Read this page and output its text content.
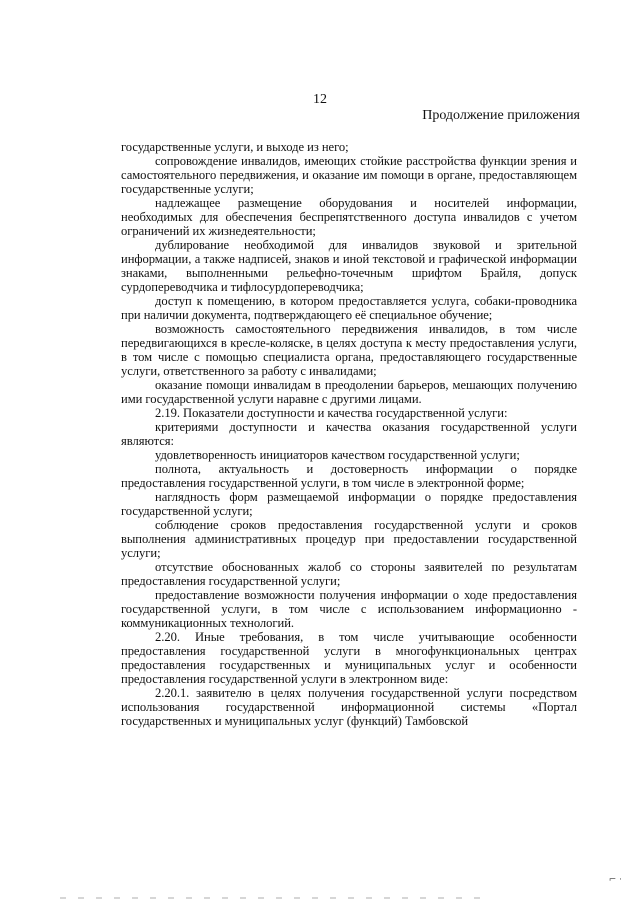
12
Продолжение приложения

государственные услуги, и выходе из него;

сопровождение инвалидов, имеющих стойкие расстройства функции зрения и самостоятельного передвижения, и оказание им помощи в органе, предоставляющем государственные услуги;

надлежащее размещение оборудования и носителей информации, необходимых для обеспечения беспрепятственного доступа инвалидов с учетом ограничений их жизнедеятельности;

дублирование необходимой для инвалидов звуковой и зрительной информации, а также надписей, знаков и иной текстовой и графической информации знаками, выполненными рельефно-точечным шрифтом Брайля, допуск сурдопереводчика и тифлосурдопереводчика;

доступ к помещению, в котором предоставляется услуга, собаки-проводника при наличии документа, подтверждающего её специальное обучение;

возможность самостоятельного передвижения инвалидов, в том числе передвигающихся в кресле-коляске, в целях доступа к месту предоставления услуги, в том числе с помощью специалиста органа, предоставляющего государственные услуги, ответственного за работу с инвалидами;

оказание помощи инвалидам в преодолении барьеров, мешающих получению ими государственной услуги наравне с другими лицами.

2.19. Показатели доступности и качества государственной услуги:

критериями доступности и качества оказания государственной услуги являются:

удовлетворенность инициаторов качеством государственной услуги;

полнота, актуальность и достоверность информации о порядке предоставления государственной услуги, в том числе в электронной форме;

наглядность форм размещаемой информации о порядке предоставления государственной услуги;

соблюдение сроков предоставления государственной услуги и сроков выполнения административных процедур при предоставлении государственной услуги;

отсутствие обоснованных жалоб со стороны заявителей по результатам предоставления государственной услуги;

предоставление возможности получения информации о ходе предоставления государственной услуги, в том числе с использованием информационно - коммуникационных технологий.

2.20. Иные требования, в том числе учитывающие особенности предоставления государственной услуги в многофункциональных центрах предоставления государственных и муниципальных услуг и особенности предоставления государственной услуги в электронном виде:

2.20.1. заявителю в целях получения государственной услуги посредством использования государственной информационной системы «Портал государственных и муниципальных услуг (функций) Тамбовской

⌐ ·
